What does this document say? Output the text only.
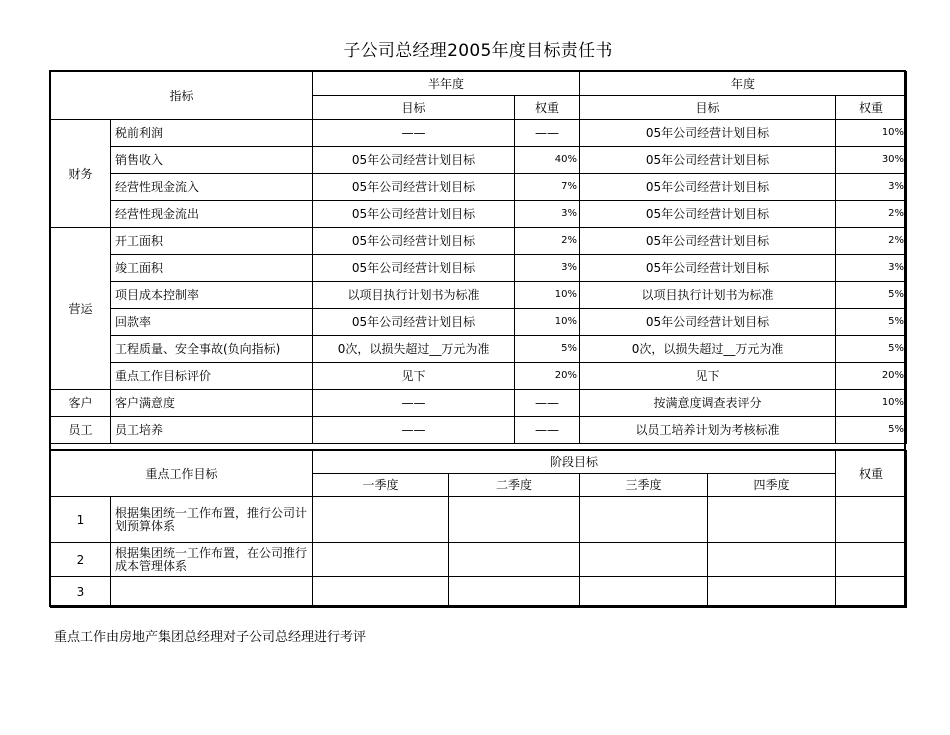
子公司总经理2005年度目标责任书
指标		半年度		年度	
		目标	权重	目标	权重
财务	税前利润	——	——	05年公司经营计划目标	10%
	销售收入	05年公司经营计划目标	40%	05年公司经营计划目标	30%
	经营性现金流入	05年公司经营计划目标	7%	05年公司经营计划目标	3%
	经营性现金流出	05年公司经营计划目标	3%	05年公司经营计划目标	2%
营运	开工面积	05年公司经营计划目标	2%	05年公司经营计划目标	2%
	竣工面积	05年公司经营计划目标	3%	05年公司经营计划目标	3%
	项目成本控制率	以项目执行计划书为标准	10%	以项目执行计划书为标准	5%
	回款率	05年公司经营计划目标	10%	05年公司经营计划目标	5%
	工程质量、安全事故(负向指标)	0次，以损失超过__万元为准	5%	0次，以损失超过__万元为准	5%
	重点工作目标评价	见下	20%	见下	20%
客户	客户满意度	——	——	按满意度调查表评分	10%
员工	员工培养	——	——	以员工培养计划为考核标准	5%
重点工作目标		阶段目标				权重
		一季度	二季度	三季度	四季度	
1	根据集团统一工作布置，推行公司计划预算体系					
2	根据集团统一工作布置，在公司推行成本管理体系					
3						
重点工作由房地产集团总经理对子公司总经理进行考评
